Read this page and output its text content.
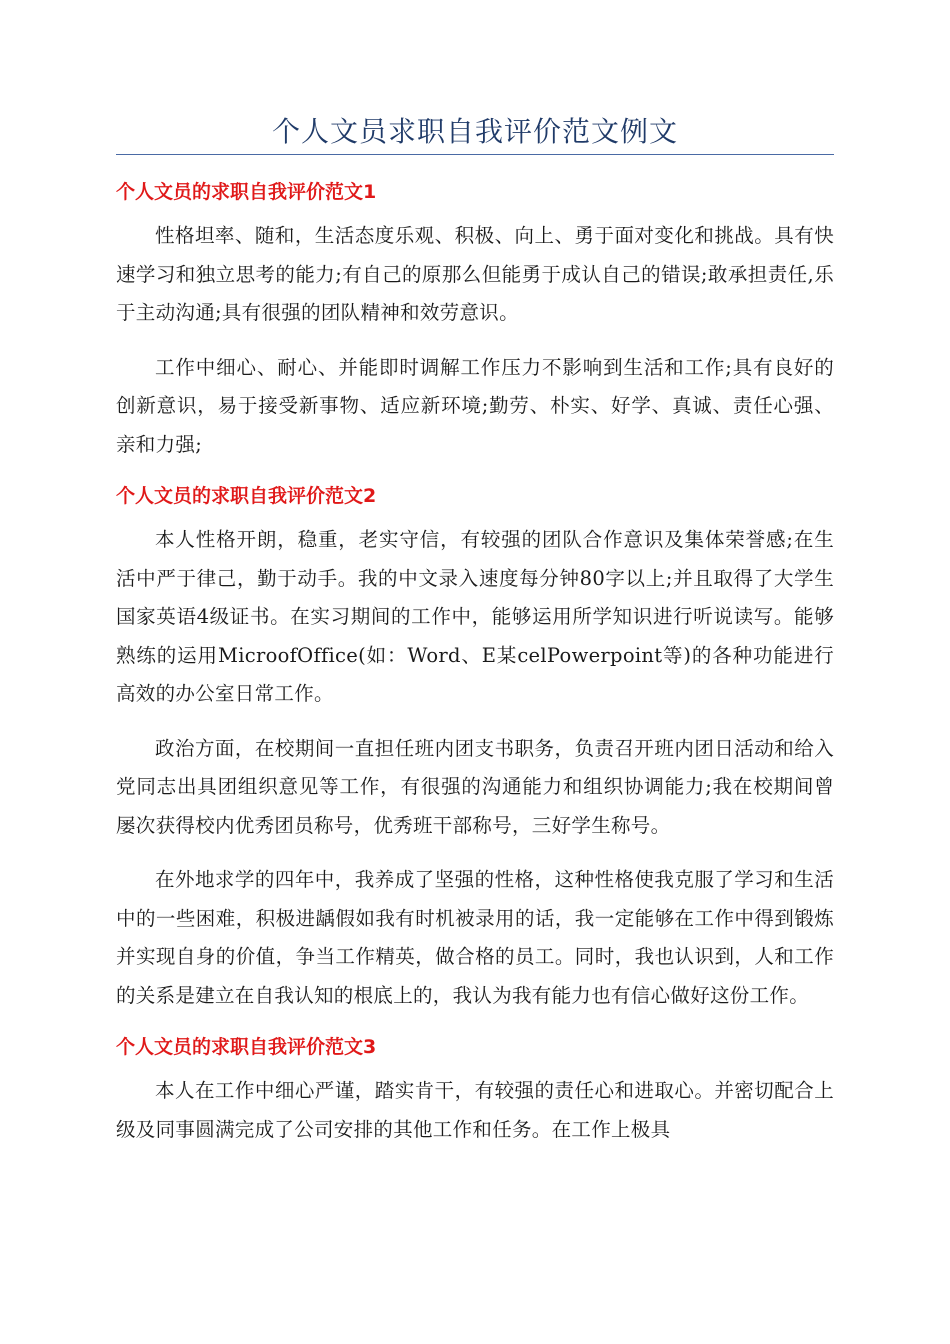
个人文员求职自我评价范文例文
个人文员的求职自我评价范文1

性格坦率、随和，生活态度乐观、积极、向上、勇于面对变化和挑战。具有快速学习和独立思考的能力;有自己的原那么但能勇于成认自己的错误;敢承担责任,乐于主动沟通;具有很强的团队精神和效劳意识。

工作中细心、耐心、并能即时调解工作压力不影响到生活和工作;具有良好的创新意识，易于接受新事物、适应新环境;勤劳、朴实、好学、真诚、责任心强、亲和力强;

个人文员的求职自我评价范文2

本人性格开朗，稳重，老实守信，有较强的团队合作意识及集体荣誉感;在生活中严于律己，勤于动手。我的中文录入速度每分钟80字以上;并且取得了大学生国家英语4级证书。在实习期间的工作中，能够运用所学知识进行听说读写。能够熟练的运用MicroofOffice(如：Word、E某celPowerpoint等)的各种功能进行高效的办公室日常工作。

政治方面，在校期间一直担任班内团支书职务，负责召开班内团日活动和给入党同志出具团组织意见等工作，有很强的沟通能力和组织协调能力;我在校期间曾屡次获得校内优秀团员称号，优秀班干部称号，三好学生称号。

在外地求学的四年中，我养成了坚强的性格，这种性格使我克服了学习和生活中的一些困难，积极进龋假如我有时机被录用的话，我一定能够在工作中得到锻炼并实现自身的价值，争当工作精英，做合格的员工。同时，我也认识到，人和工作的关系是建立在自我认知的根底上的，我认为我有能力也有信心做好这份工作。

个人文员的求职自我评价范文3

本人在工作中细心严谨，踏实肯干，有较强的责任心和进取心。并密切配合上级及同事圆满完成了公司安排的其他工作和任务。在工作上极具
